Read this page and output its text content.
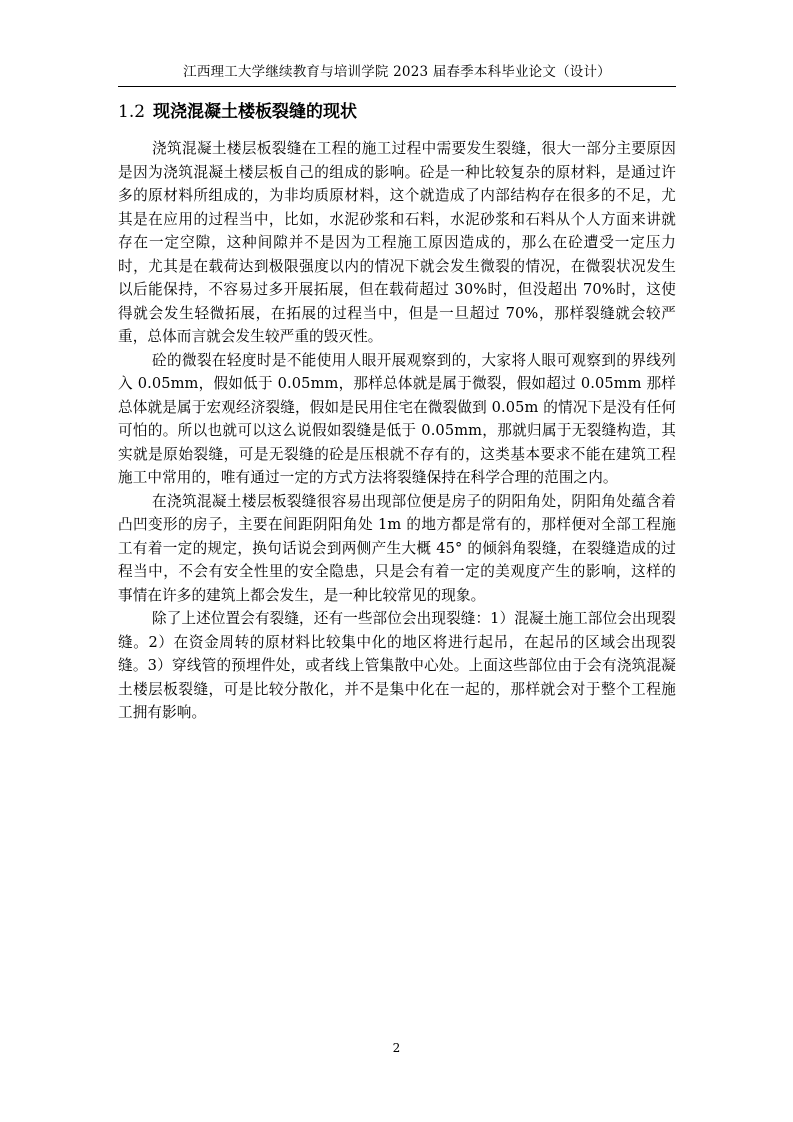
江西理工大学继续教育与培训学院 2023 届春季本科毕业论文（设计）
1.2 现浇混凝土楼板裂缝的现状

浇筑混凝土楼层板裂缝在工程的施工过程中需要发生裂缝，很大一部分主要原因是因为浇筑混凝土楼层板自己的组成的影响。砼是一种比较复杂的原材料，是通过许多的原材料所组成的，为非均质原材料，这个就造成了内部结构存在很多的不足，尤其是在应用的过程当中，比如，水泥砂浆和石料，水泥砂浆和石料从个人方面来讲就存在一定空隙，这种间隙并不是因为工程施工原因造成的，那么在砼遭受一定压力时，尤其是在载荷达到极限强度以内的情况下就会发生微裂的情况，在微裂状况发生以后能保持，不容易过多开展拓展，但在载荷超过 30%时，但没超出 70%时，这使得就会发生轻微拓展，在拓展的过程当中，但是一旦超过 70%，那样裂缝就会较严重，总体而言就会发生较严重的毁灭性。

砼的微裂在轻度时是不能使用人眼开展观察到的，大家将人眼可观察到的界线列入 0.05mm，假如低于 0.05mm，那样总体就是属于微裂，假如超过 0.05mm 那样总体就是属于宏观经济裂缝，假如是民用住宅在微裂做到 0.05m 的情况下是没有任何可怕的。所以也就可以这么说假如裂缝是低于 0.05mm，那就归属于无裂缝构造，其实就是原始裂缝，可是无裂缝的砼是压根就不存有的，这类基本要求不能在建筑工程施工中常用的，唯有通过一定的方式方法将裂缝保持在科学合理的范围之内。

在浇筑混凝土楼层板裂缝很容易出现部位便是房子的阴阳角处，阴阳角处蕴含着凸凹变形的房子，主要在间距阴阳角处 1m 的地方都是常有的，那样便对全部工程施工有着一定的规定，换句话说会到两侧产生大概 45° 的倾斜角裂缝，在裂缝造成的过程当中，不会有安全性里的安全隐患，只是会有着一定的美观度产生的影响，这样的事情在许多的建筑上都会发生，是一种比较常见的现象。

除了上述位置会有裂缝，还有一些部位会出现裂缝：1）混凝土施工部位会出现裂缝。2）在资金周转的原材料比较集中化的地区将进行起吊，在起吊的区域会出现裂缝。3）穿线管的预埋件处，或者线上管集散中心处。上面这些部位由于会有浇筑混凝土楼层板裂缝，可是比较分散化，并不是集中化在一起的，那样就会对于整个工程施工拥有影响。

2
